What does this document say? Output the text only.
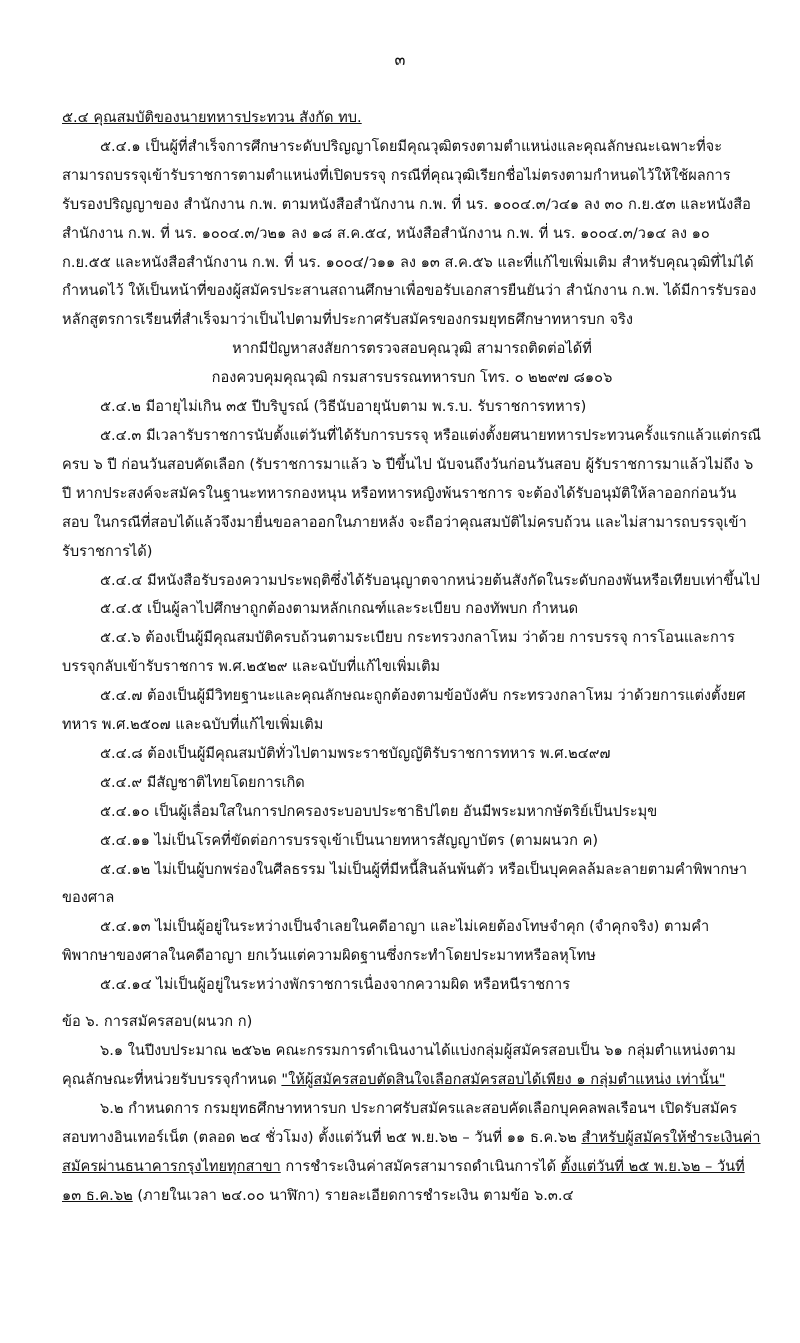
๓

๕.๔ คุณสมบัติของนายทหารประทวน สังกัด ทบ.

๕.๔.๑ เป็นผู้ที่สำเร็จการศึกษาระดับปริญญาโดยมีคุณวุฒิตรงตามตำแหน่งและคุณลักษณะเฉพาะที่จะสามารถบรรจุเข้ารับราชการตามตำแหน่งที่เปิดบรรจุ กรณีที่คุณวุฒิเรียกชื่อไม่ตรงตามกำหนดไว้ให้ใช้ผลการรับรองปริญญาของ สำนักงาน ก.พ. ตามหนังสือสำนักงาน ก.พ. ที่ นร. ๑๐๐๔.๓/ว๔๑ ลง ๓๐ ก.ย.๕๓ และหนังสือสำนักงาน ก.พ. ที่ นร. ๑๐๐๔.๓/ว๒๑ ลง ๑๘ ส.ค.๕๔, หนังสือสำนักงาน ก.พ. ที่ นร. ๑๐๐๔.๓/ว๑๔ ลง ๑๐ ก.ย.๕๕ และหนังสือสำนักงาน ก.พ. ที่ นร. ๑๐๐๔/ว๑๑ ลง ๑๓ ส.ค.๕๖ และที่แก้ไขเพิ่มเติม สำหรับคุณวุฒิที่ไม่ได้กำหนดไว้ ให้เป็นหน้าที่ของผู้สมัครประสานสถานศึกษาเพื่อขอรับเอกสารยืนยันว่า สำนักงาน ก.พ. ได้มีการรับรองหลักสูตรการเรียนที่สำเร็จมาว่าเป็นไปตามที่ประกาศรับสมัครของกรมยุทธศึกษาทหารบก จริง

หากมีปัญหาสงสัยการตรวจสอบคุณวุฒิ สามารถติดต่อได้ที่

กองควบคุมคุณวุฒิ กรมสารบรรณทหารบก โทร. ๐ ๒๒๙๗ ๘๑๐๖

๕.๔.๒ มีอายุไม่เกิน ๓๕ ปีบริบูรณ์ (วิธีนับอายุนับตาม พ.ร.บ. รับราชการทหาร)

๕.๔.๓ มีเวลารับราชการนับตั้งแต่วันที่ได้รับการบรรจุ หรือแต่งตั้งยศนายทหารประทวนครั้งแรกแล้วแต่กรณีครบ ๖ ปี ก่อนวันสอบคัดเลือก (รับราชการมาแล้ว ๖ ปีขึ้นไป นับจนถึงวันก่อนวันสอบ ผู้รับราชการมาแล้วไม่ถึง ๖ ปี หากประสงค์จะสมัครในฐานะทหารกองหนุน หรือทหารหญิงพ้นราชการ จะต้องได้รับอนุมัติให้ลาออกก่อนวันสอบ ในกรณีที่สอบได้แล้วจึงมายื่นขอลาออกในภายหลัง จะถือว่าคุณสมบัติไม่ครบถ้วน และไม่สามารถบรรจุเข้ารับราชการได้)

๕.๔.๔ มีหนังสือรับรองความประพฤติซึ่งได้รับอนุญาตจากหน่วยต้นสังกัดในระดับกองพันหรือเทียบเท่าขึ้นไป

๕.๔.๕ เป็นผู้ลาไปศึกษาถูกต้องตามหลักเกณฑ์และระเบียบ กองทัพบก กำหนด

๕.๔.๖ ต้องเป็นผู้มีคุณสมบัติครบถ้วนตามระเบียบ กระทรวงกลาโหม ว่าด้วย การบรรจุ การโอนและการบรรจุกลับเข้ารับราชการ พ.ศ.๒๕๒๙ และฉบับที่แก้ไขเพิ่มเติม

๕.๔.๗ ต้องเป็นผู้มีวิทยฐานะและคุณลักษณะถูกต้องตามข้อบังคับ กระทรวงกลาโหม ว่าด้วยการแต่งตั้งยศทหาร พ.ศ.๒๕๐๗ และฉบับที่แก้ไขเพิ่มเติม

๕.๔.๘ ต้องเป็นผู้มีคุณสมบัติทั่วไปตามพระราชบัญญัติรับราชการทหาร พ.ศ.๒๔๙๗

๕.๔.๙ มีสัญชาติไทยโดยการเกิด

๕.๔.๑๐ เป็นผู้เลื่อมใสในการปกครองระบอบประชาธิปไตย อันมีพระมหากษัตริย์เป็นประมุข

๕.๔.๑๑ ไม่เป็นโรคที่ขัดต่อการบรรจุเข้าเป็นนายทหารสัญญาบัตร (ตามผนวก ค)

๕.๔.๑๒ ไม่เป็นผู้บกพร่องในศีลธรรม ไม่เป็นผู้ที่มีหนี้สินล้นพ้นตัว หรือเป็นบุคคลล้มละลายตามคำพิพากษาของศาล

๕.๔.๑๓ ไม่เป็นผู้อยู่ในระหว่างเป็นจำเลยในคดีอาญา และไม่เคยต้องโทษจำคุก (จำคุกจริง) ตามคำพิพากษาของศาลในคดีอาญา ยกเว้นแต่ความผิดฐานซึ่งกระทำโดยประมาทหรือลหุโทษ

๕.๔.๑๔ ไม่เป็นผู้อยู่ในระหว่างพักราชการเนื่องจากความผิด หรือหนีราชการ

ข้อ ๖. การสมัครสอบ(ผนวก ก)

๖.๑ ในปีงบประมาณ ๒๕๖๒ คณะกรรมการดำเนินงานได้แบ่งกลุ่มผู้สมัครสอบเป็น ๖๑ กลุ่มตำแหน่งตามคุณลักษณะที่หน่วยรับบรรจุกำหนด "ให้ผู้สมัครสอบตัดสินใจเลือกสมัครสอบได้เพียง ๑ กลุ่มตำแหน่ง เท่านั้น"

๖.๒ กำหนดการ กรมยุทธศึกษาทหารบก ประกาศรับสมัครและสอบคัดเลือกบุคคลพลเรือนฯ เปิดรับสมัครสอบทางอินเทอร์เน็ต (ตลอด ๒๔ ชั่วโมง) ตั้งแต่วันที่ ๒๕ พ.ย.๖๒ – วันที่ ๑๑ ธ.ค.๖๒ สำหรับผู้สมัครให้ชำระเงินค่าสมัครผ่านธนาคารกรุงไทยทุกสาขา การชำระเงินค่าสมัครสามารถดำเนินการได้ ตั้งแต่วันที่ ๒๕ พ.ย.๖๒ – วันที่ ๑๓ ธ.ค.๖๒ (ภายในเวลา ๒๔.๐๐ นาฬิกา) รายละเอียดการชำระเงิน ตามข้อ ๖.๓.๔
